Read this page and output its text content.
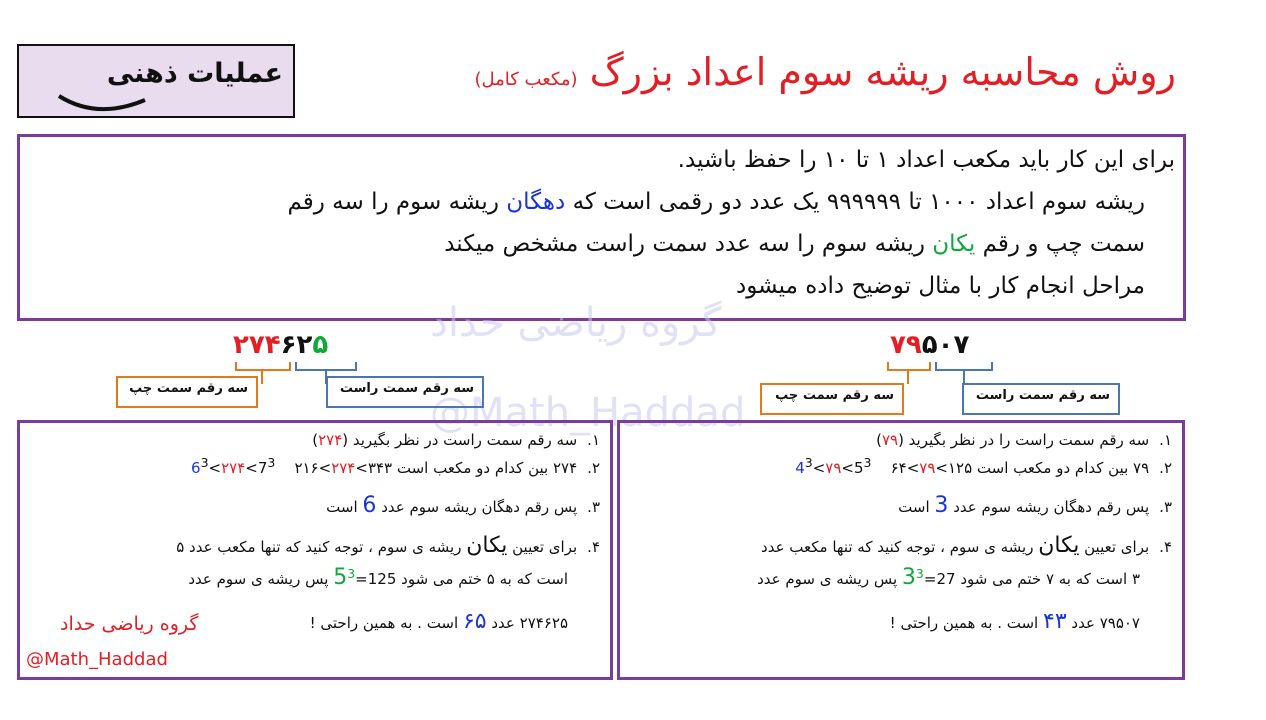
عملیات ذهنی	روش محاسبه ریشه سوم اعداد بزرگ (مکعب کامل)
برای این کار باید مکعب اعداد ۱ تا ۱۰ را حفظ باشید.
ریشه سوم اعداد ۱۰۰۰ تا ۹۹۹۹۹۹ یک عدد دو رقمی است که دهگان ریشه سوم را سه رقم
سمت چپ و رقم یکان ریشه سوم را سه عدد سمت راست مشخص میکند
مراحل انجام کار با مثال توضیح داده میشود
گروه ریاضی حداد
@Math_Haddad
۷۹۵۰۷
سه رقم سمت چپ	سه رقم سمت راست
۲۷۴۶۲۵
سه رقم سمت چپ	سه رقم سمت راست
۱.سه رقم سمت راست در نظر بگیرید (۲۷۴)
$6^3<۲۷۴<7^3$	۲.۲۷۴ بین کدام دو مکعب است ۳۴۳>۲۷۴>۲۱۶
۳.پس رقم دهگان ریشه سوم عدد 6 است
۴.برای تعیین یکان ریشه ی سوم ، توجه کنید که تنها مکعب عدد ۵
است که به ۵ ختم می شود $125=5^3$ پس ریشه ی سوم عدد
۲۷۴۶۲۵ عدد ۶۵ است . به همین راحتی !
گروه ریاضی حداد
@Math_Haddad
۱.سه رقم سمت راست را در نظر بگیرید (۷۹)
$4^3<۷۹<5^3$	۲.۷۹ بین کدام دو مکعب است ۱۲۵>۷۹>۶۴
۳.پس رقم دهگان ریشه سوم عدد 3 است
۴.برای تعیین یکان ریشه ی سوم ، توجه کنید که تنها مکعب عدد
۳ است که به ۷ ختم می شود $27=3^3$ پس ریشه ی سوم عدد
۷۹۵۰۷ عدد ۴۳ است . به همین راحتی !
